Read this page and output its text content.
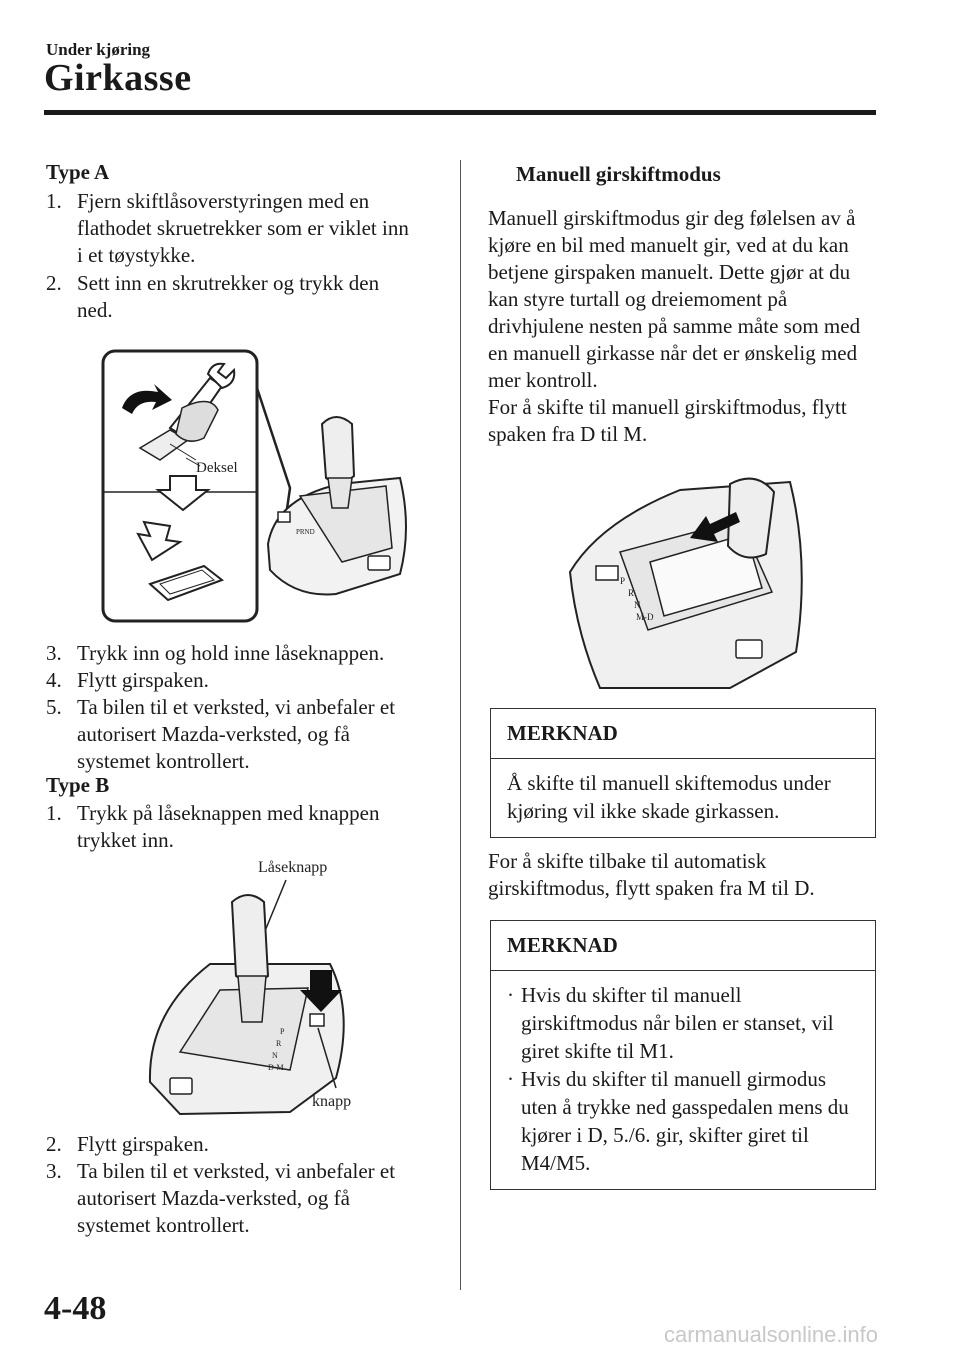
Under kjøring
Girkasse
Type A
1. Fjern skiftlåsoverstyringen med en flathodet skruetrekker som er viklet inn i et tøystykke.
2. Sett inn en skrutrekker og trykk den ned.
Deksel
PRND
3. Trykk inn og hold inne låseknappen.
4. Flytt girspaken.
5. Ta bilen til et verksted, vi anbefaler et autorisert Mazda-verksted, og få systemet kontrollert.
Type B
1. Trykk på låseknappen med knappen trykket inn.
Låseknapp
P
R
N
D-M
knapp
2. Flytt girspaken.
3. Ta bilen til et verksted, vi anbefaler et autorisert Mazda-verksted, og få systemet kontrollert.
Manuell girskiftmodus
Manuell girskiftmodus gir deg følelsen av å kjøre en bil med manuelt gir, ved at du kan betjene girspaken manuelt. Dette gjør at du kan styre turtall og dreiemoment på drivhjulene nesten på samme måte som med en manuell girkasse når det er ønskelig med mer kontroll.
For å skifte til manuell girskiftmodus, flytt spaken fra D til M.
P
R
N
M-D
MERKNAD
Å skifte til manuell skiftemodus under kjøring vil ikke skade girkassen.
For å skifte tilbake til automatisk girskiftmodus, flytt spaken fra M til D.
MERKNAD
· Hvis du skifter til manuell girskiftmodus når bilen er stanset, vil giret skifte til M1.
· Hvis du skifter til manuell girmodus uten å trykke ned gasspedalen mens du kjører i D, 5./6. gir, skifter giret til M4/M5.
4-48
carmanualsonline.info
